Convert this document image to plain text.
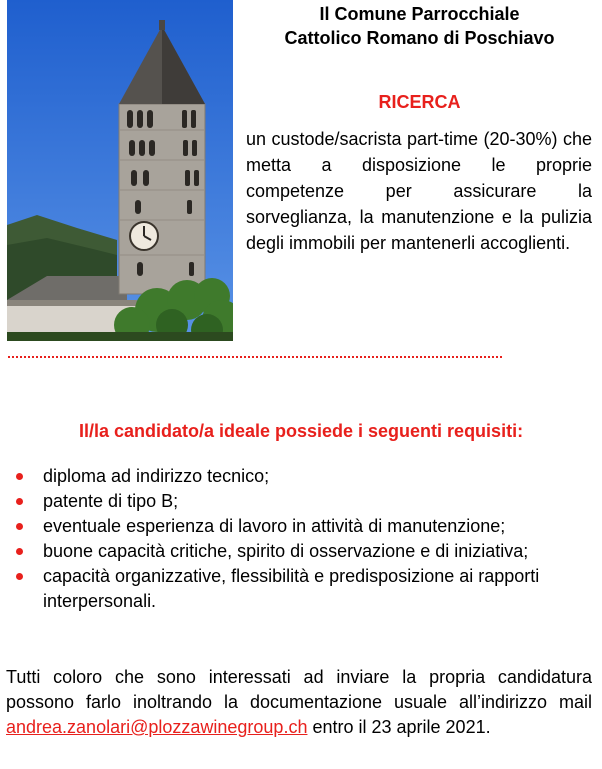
Il Comune Parrocchiale
Cattolico Romano di Poschiavo
RICERCA
un custode/sacrista part-time (20-30%) che metta a disposizione le proprie competenze per assicurare la sorveglianza, la manutenzione e la pulizia degli immobili per mantenerli accoglienti.
Il/la candidato/a ideale possiede i seguenti requisiti:
diploma ad indirizzo tecnico;
patente di tipo B;
eventuale esperienza di lavoro in attività di manutenzione;
buone capacità critiche, spirito di osservazione e di iniziativa;
capacità organizzative, flessibilità e predisposizione ai rapporti interpersonali.
Tutti coloro che sono interessati ad inviare la propria candidatura possono farlo inoltrando la documentazione usuale all’indirizzo mail andrea.zanolari@plozzawinegroup.ch entro il 23 aprile 2021.
